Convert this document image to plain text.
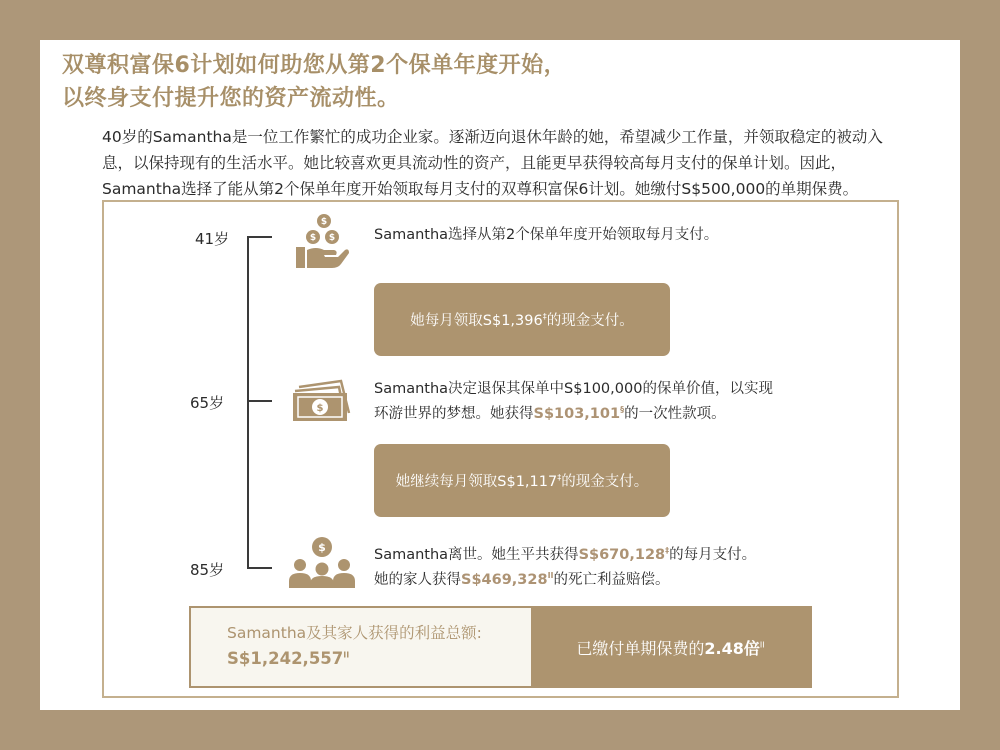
双尊积富保6计划如何助您从第2个保单年度开始，
以终身支付提升您的资产流动性。

40岁的Samantha是一位工作繁忙的成功企业家。逐渐迈向退休年龄的她，希望减少工作量，并领取稳定的被动入息，以保持现有的生活水平。她比较喜欢更具流动性的资产，且能更早获得较高每月支付的保单计划。因此，Samantha选择了能从第2个保单年度开始领取每月支付的双尊积富保6计划。她缴付S$500,000的单期保费。

41岁
65岁
85岁
$
$ $
$
$
Samantha选择从第2个保单年度开始领取每月支付。
她每月领取S$1,396‡的现金支付。
Samantha决定退保其保单中S$100,000的保单价值，以实现环游世界的梦想。她获得S$103,101§的一次性款项。
她继续每月领取S$1,117‡的现金支付。
Samantha离世。她生平共获得S$670,128‡的每月支付。
她的家人获得$S\$469,328^{II}$的死亡利益赔偿。
Samantha及其家人获得的利益总额:
$S\$1,242,557^{II}$	已缴付单期保费的2.48倍$^{II}$
